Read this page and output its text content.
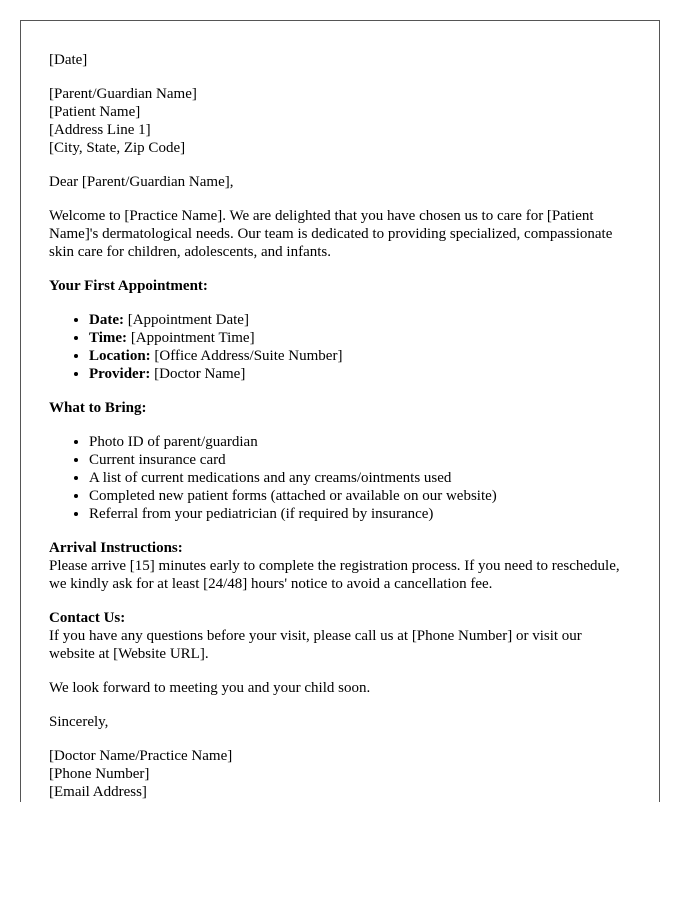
[Date]

[Parent/Guardian Name]
[Patient Name]
[Address Line 1]
[City, State, Zip Code]

Dear [Parent/Guardian Name],

Welcome to [Practice Name]. We are delighted that you have chosen us to care for [Patient Name]'s dermatological needs. Our team is dedicated to providing specialized, compassionate skin care for children, adolescents, and infants.

Your First Appointment:
• Date: [Appointment Date]
• Time: [Appointment Time]
• Location: [Office Address/Suite Number]
• Provider: [Doctor Name]
What to Bring:
• Photo ID of parent/guardian
• Current insurance card
• A list of current medications and any creams/ointments used
• Completed new patient forms (attached or available on our website)
• Referral from your pediatrician (if required by insurance)

Arrival Instructions:
Please arrive [15] minutes early to complete the registration process. If you need to reschedule, we kindly ask for at least [24/48] hours' notice to avoid a cancellation fee.

Contact Us:
If you have any questions before your visit, please call us at [Phone Number] or visit our website at [Website URL].

We look forward to meeting you and your child soon.

Sincerely,

[Doctor Name/Practice Name]
[Phone Number]
[Email Address]
